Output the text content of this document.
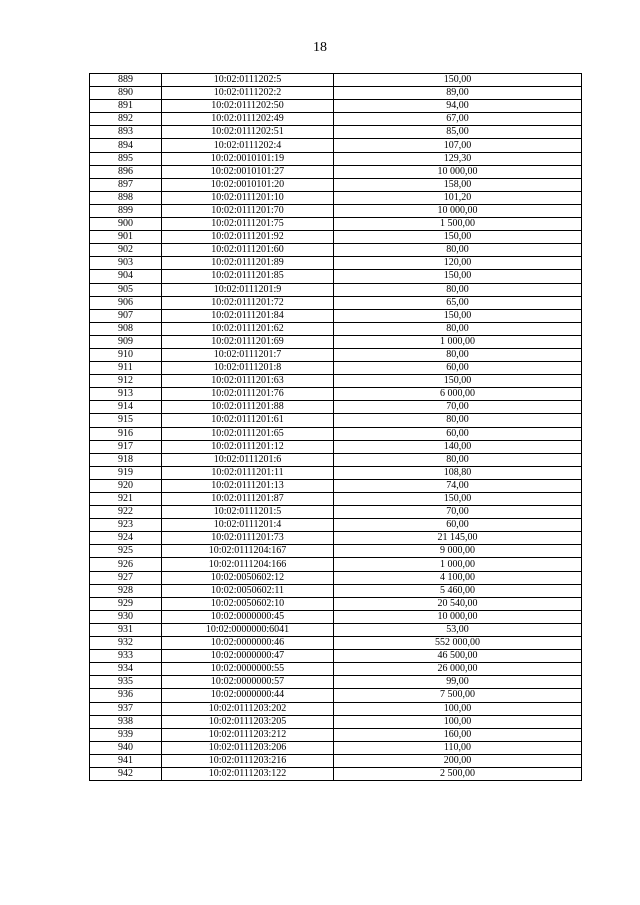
18
889	10:02:0111202:5	150,00
890	10:02:0111202:2	89,00
891	10:02:0111202:50	94,00
892	10:02:0111202:49	67,00
893	10:02:0111202:51	85,00
894	10:02:0111202:4	107,00
895	10:02:0010101:19	129,30
896	10:02:0010101:27	10 000,00
897	10:02:0010101:20	158,00
898	10:02:0111201:10	101,20
899	10:02:0111201:70	10 000,00
900	10:02:0111201:75	1 500,00
901	10:02:0111201:92	150,00
902	10:02:0111201:60	80,00
903	10:02:0111201:89	120,00
904	10:02:0111201:85	150,00
905	10:02:0111201:9	80,00
906	10:02:0111201:72	65,00
907	10:02:0111201:84	150,00
908	10:02:0111201:62	80,00
909	10:02:0111201:69	1 000,00
910	10:02:0111201:7	80,00
911	10:02:0111201:8	60,00
912	10:02:0111201:63	150,00
913	10:02:0111201:76	6 000,00
914	10:02:0111201:88	70,00
915	10:02:0111201:61	80,00
916	10:02:0111201:65	60,00
917	10:02:0111201:12	140,00
918	10:02:0111201:6	80,00
919	10:02:0111201:11	108,80
920	10:02:0111201:13	74,00
921	10:02:0111201:87	150,00
922	10:02:0111201:5	70,00
923	10:02:0111201:4	60,00
924	10:02:0111201:73	21 145,00
925	10:02:0111204:167	9 000,00
926	10:02:0111204:166	1 000,00
927	10:02:0050602:12	4 100,00
928	10:02:0050602:11	5 460,00
929	10:02:0050602:10	20 540,00
930	10:02:0000000:45	10 000,00
931	10:02:0000000:6041	53,00
932	10:02:0000000:46	552 000,00
933	10:02:0000000:47	46 500,00
934	10:02:0000000:55	26 000,00
935	10:02:0000000:57	99,00
936	10:02:0000000:44	7 500,00
937	10:02:0111203:202	100,00
938	10:02:0111203:205	100,00
939	10:02:0111203:212	160,00
940	10:02:0111203:206	110,00
941	10:02:0111203:216	200,00
942	10:02:0111203:122	2 500,00
